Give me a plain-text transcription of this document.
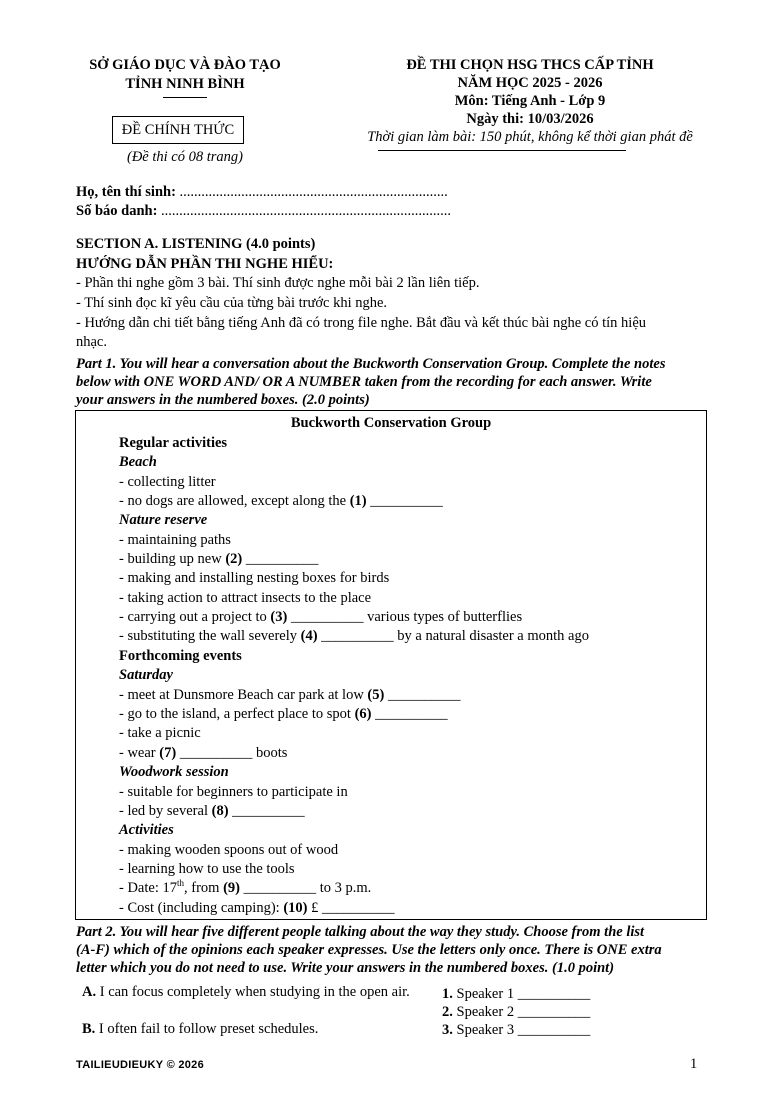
SỞ GIÁO DỤC VÀ ĐÀO TẠO
TỈNH NINH BÌNH
ĐỀ CHÍNH THỨC
(Đề thi có 08 trang)
ĐỀ THI CHỌN HSG THCS CẤP TỈNH
NĂM HỌC 2025 - 2026
Môn: Tiếng Anh - Lớp 9
Ngày thi: 10/03/2026
Thời gian làm bài: 150 phút, không kể thời gian phát đề
Họ, tên thí sinh: ..........................................................................
Số báo danh: ................................................................................
SECTION A. LISTENING (4.0 points)
HƯỚNG DẪN PHẦN THI NGHE HIỂU:
- Phần thi nghe gồm 3 bài. Thí sinh được nghe mỗi bài 2 lần liên tiếp.
- Thí sinh đọc kĩ yêu cầu của từng bài trước khi nghe.
- Hướng dẫn chi tiết bằng tiếng Anh đã có trong file nghe. Bắt đầu và kết thúc bài nghe có tín hiệu
nhạc.
Part 1. You will hear a conversation about the Buckworth Conservation Group. Complete the notes
below with ONE WORD AND/ OR A NUMBER taken from the recording for each answer. Write
your answers in the numbered boxes. (2.0 points)
Buckworth Conservation Group
Regular activities
Beach
- collecting litter
- no dogs are allowed, except along the (1) __________
Nature reserve
- maintaining paths
- building up new (2) __________
- making and installing nesting boxes for birds
- taking action to attract insects to the place
- carrying out a project to (3) __________ various types of butterflies
- substituting the wall severely (4) __________ by a natural disaster a month ago
Forthcoming events
Saturday
- meet at Dunsmore Beach car park at low (5) __________
- go to the island, a perfect place to spot (6) __________
- take a picnic
- wear (7) __________ boots
Woodwork session
- suitable for beginners to participate in
- led by several (8) __________
Activities
- making wooden spoons out of wood
- learning how to use the tools
- Date: 17th, from (9) __________ to 3 p.m.
- Cost (including camping): (10) £ __________
Part 2. You will hear five different people talking about the way they study. Choose from the list
(A-F) which of the opinions each speaker expresses. Use the letters only once. There is ONE extra
letter which you do not need to use. Write your answers in the numbered boxes. (1.0 point)
A. I can focus completely when studying in the open air.
B. I often fail to follow preset schedules.
1. Speaker 1 __________
2. Speaker 2 __________
3. Speaker 3 __________
TAILIEUDIEUKY © 2026	1
